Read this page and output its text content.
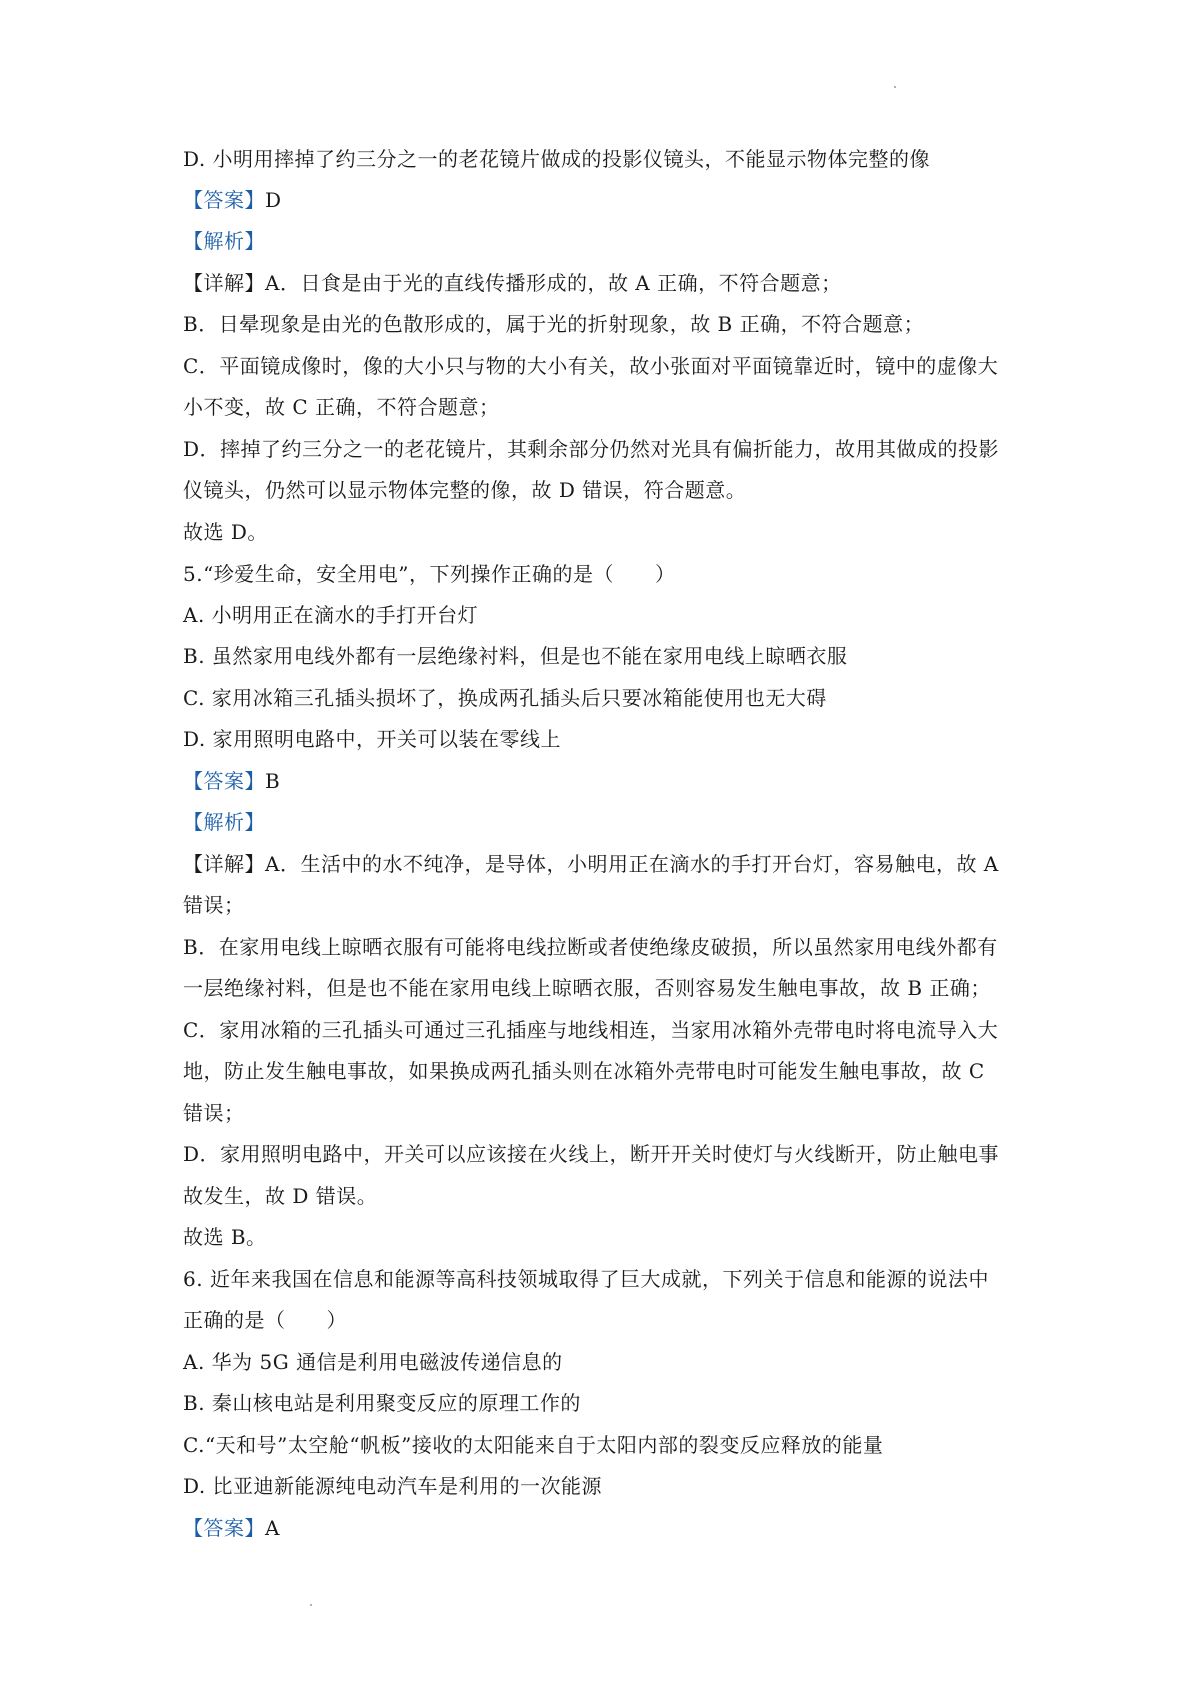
D. 小明用摔掉了约三分之一的老花镜片做成的投影仪镜头，不能显示物体完整的像
【答案】D
【解析】
【详解】A．日食是由于光的直线传播形成的，故 A 正确，不符合题意；
B．日晕现象是由光的色散形成的，属于光的折射现象，故 B 正确，不符合题意；
C．平面镜成像时，像的大小只与物的大小有关，故小张面对平面镜靠近时，镜中的虚像大
小不变，故 C 正确，不符合题意；
D．摔掉了约三分之一的老花镜片，其剩余部分仍然对光具有偏折能力，故用其做成的投影
仪镜头，仍然可以显示物体完整的像，故 D 错误，符合题意。
故选 D。
5.“珍爱生命，安全用电”，下列操作正确的是（　　）
A. 小明用正在滴水的手打开台灯
B. 虽然家用电线外都有一层绝缘衬料，但是也不能在家用电线上晾晒衣服
C. 家用冰箱三孔插头损坏了，换成两孔插头后只要冰箱能使用也无大碍
D. 家用照明电路中，开关可以装在零线上
【答案】B
【解析】
【详解】A．生活中的水不纯净，是导体，小明用正在滴水的手打开台灯，容易触电，故 A
错误；
B．在家用电线上晾晒衣服有可能将电线拉断或者使绝缘皮破损，所以虽然家用电线外都有
一层绝缘衬料，但是也不能在家用电线上晾晒衣服，否则容易发生触电事故，故 B 正确；
C．家用冰箱的三孔插头可通过三孔插座与地线相连，当家用冰箱外壳带电时将电流导入大
地，防止发生触电事故，如果换成两孔插头则在冰箱外壳带电时可能发生触电事故，故 C
错误；
D．家用照明电路中，开关可以应该接在火线上，断开开关时使灯与火线断开，防止触电事
故发生，故 D 错误。
故选 B。
6. 近年来我国在信息和能源等高科技领城取得了巨大成就，下列关于信息和能源的说法中
正确的是（　　）
A. 华为 5G 通信是利用电磁波传递信息的
B. 秦山核电站是利用聚变反应的原理工作的
C.“天和号”太空舱“帆板”接收的太阳能来自于太阳内部的裂变反应释放的能量
D. 比亚迪新能源纯电动汽车是利用的一次能源
【答案】A
